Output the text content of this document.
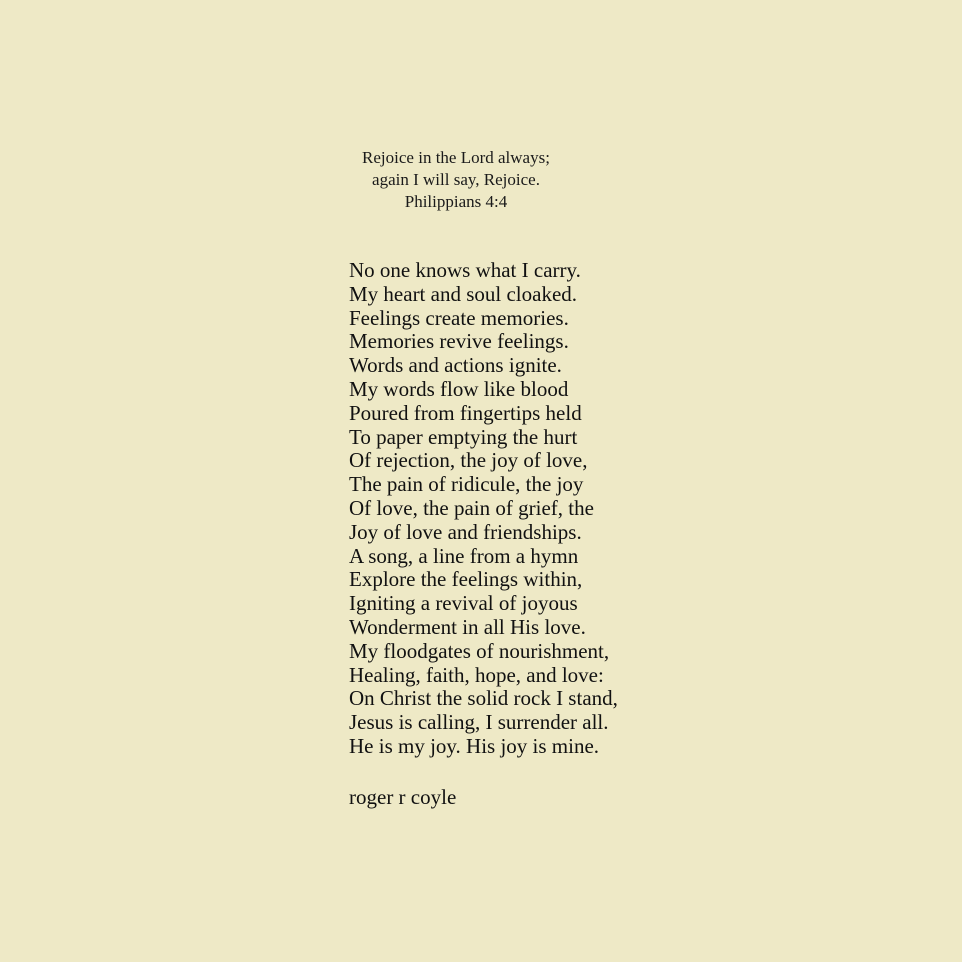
Rejoice in the Lord always;
again I will say, Rejoice.
Philippians 4:4
No one knows what I carry.
My heart and soul cloaked.
Feelings create memories.
Memories revive feelings.
Words and actions ignite.
My words flow like blood
Poured from fingertips held
To paper emptying the hurt
Of rejection, the joy of love,
The pain of ridicule, the joy
Of love, the pain of grief, the
Joy of love and friendships.
A song, a line from a hymn
Explore the feelings within,
Igniting a revival of joyous
Wonderment in all His love.
My floodgates of nourishment,
Healing, faith, hope, and love:
On Christ the solid rock I stand,
Jesus is calling, I surrender all.
He is my joy. His joy is mine.
roger r coyle
